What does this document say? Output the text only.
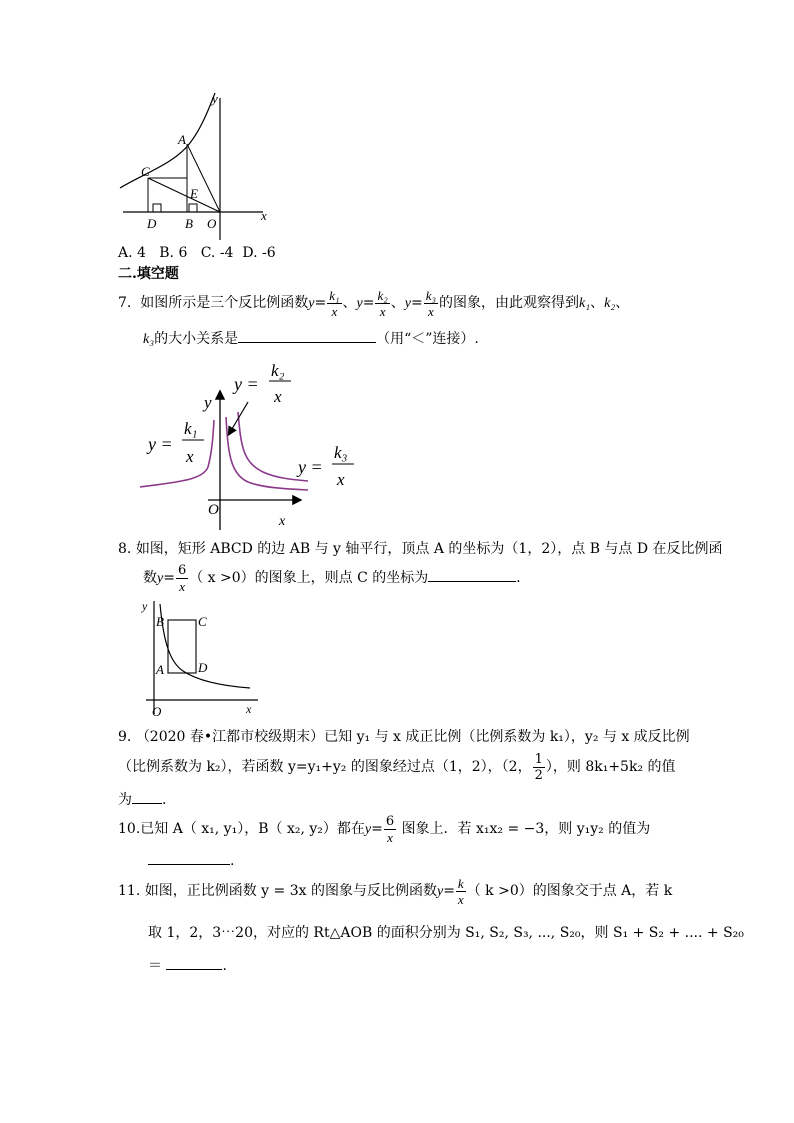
y
x
A
C
E
D B O
A. 4   B. 6   C. -4  D. -6
二.填空题
7. 如图所示是三个反比例函数$y= \frac{\text{k₁}}{x}$ 、$y= \frac{\text{k₂}}{x}$ 、$y= \frac{\text{k₃}}{x}$ 的图象，由此观察得到k₁、k₂、
k₃的大小关系是	（用“＜”连接）.
y
O
x
y =
k₁
x
y =
k₂
x
y =
k₃
x
8. 如图，矩形 ABCD 的边 AB 与 y 轴平行，顶点 A 的坐标为（1，2），点 B 与点 D 在反比例函
数$y= \frac{6}{x}$ （ x >0）的图象上，则点 C 的坐标为	．
y
x
B	C
A	D
O
9. （2020 春•江都市校级期末）已知 y₁ 与 x 成正比例（比例系数为 k₁），y₂ 与 x 成反比例
（比例系数为 k₂），若函数 y=y₁+y₂ 的图象经过点（1，2），（2， $\frac{1}{2}$ ），则 8k₁+5k₂ 的值
为 .
10.已知 A（ x₁, y₁），B（ x₂, y₂）都在$y= \frac{6}{x}$ 图象上．若 x₁x₂ = −3，则 y₁y₂ 的值为
.
11. 如图，正比例函数 y = 3x 的图象与反比例函数$y= \frac{k}{x}$ （ k >0）的图象交于点 A，若 k
取 1，2，3⋯20，对应的 Rt△AOB 的面积分别为 S₁, S₂, S₃, ..., S₂₀，则 S₁ + S₂ + .... + S₂₀
＝	.
